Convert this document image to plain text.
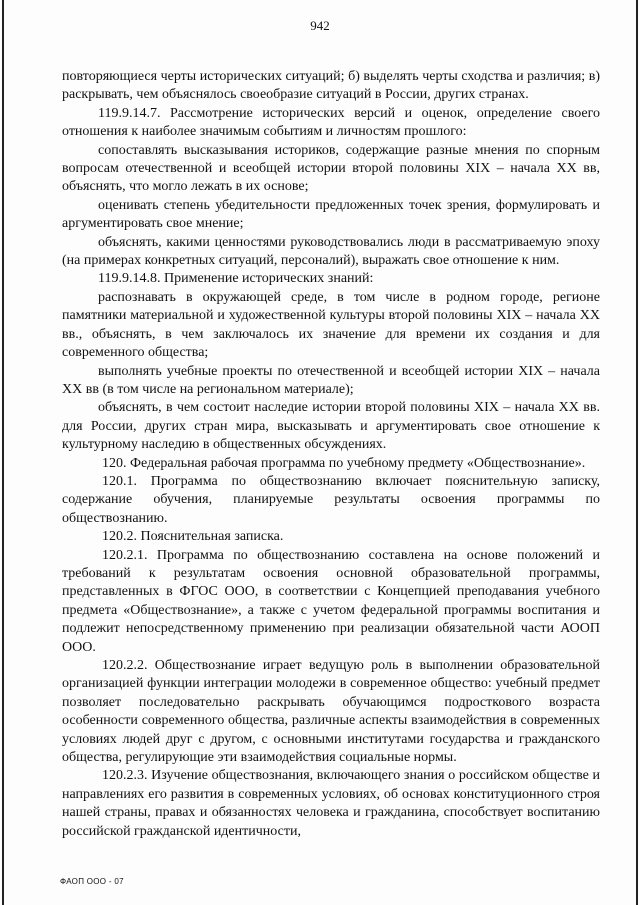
942

повторяющиеся черты исторических ситуаций; б) выделять черты сходства и различия; в) раскрывать, чем объяснялось своеобразие ситуаций в России, других странах.

119.9.14.7. Рассмотрение исторических версий и оценок, определение своего отношения к наиболее значимым событиям и личностям прошлого:

сопоставлять высказывания историков, содержащие разные мнения по спорным вопросам отечественной и всеобщей истории второй половины XIX – начала XX вв, объяснять, что могло лежать в их основе;

оценивать степень убедительности предложенных точек зрения, формулировать и аргументировать свое мнение;

объяснять, какими ценностями руководствовались люди в рассматриваемую эпоху (на примерах конкретных ситуаций, персоналий), выражать свое отношение к ним.

119.9.14.8. Применение исторических знаний:

распознавать в окружающей среде, в том числе в родном городе, регионе памятники материальной и художественной культуры второй половины XIX – начала XX вв., объяснять, в чем заключалось их значение для времени их создания и для современного общества;

выполнять учебные проекты по отечественной и всеобщей истории XIX – начала XX вв (в том числе на региональном материале);

объяснять, в чем состоит наследие истории второй половины XIX – начала XX вв. для России, других стран мира, высказывать и аргументировать свое отношение к культурному наследию в общественных обсуждениях.

120. Федеральная рабочая программа по учебному предмету «Обществознание».

120.1. Программа по обществознанию включает пояснительную записку, содержание обучения, планируемые результаты освоения программы по обществознанию.

120.2. Пояснительная записка.

120.2.1. Программа по обществознанию составлена на основе положений и требований к результатам освоения основной образовательной программы, представленных в ФГОС ООО, в соответствии с Концепцией преподавания учебного предмета «Обществознание», а также с учетом федеральной программы воспитания и подлежит непосредственному применению при реализации обязательной части АООП ООО.

120.2.2. Обществознание играет ведущую роль в выполнении образовательной организацией функции интеграции молодежи в современное общество: учебный предмет позволяет последовательно раскрывать обучающимся подросткового возраста особенности современного общества, различные аспекты взаимодействия в современных условиях людей друг с другом, с основными институтами государства и гражданского общества, регулирующие эти взаимодействия социальные нормы.

120.2.3. Изучение обществознания, включающего знания о российском обществе и направлениях его развития в современных условиях, об основах конституционного строя нашей страны, правах и обязанностях человека и гражданина, способствует воспитанию российской гражданской идентичности,

ФАОП ООО - 07
